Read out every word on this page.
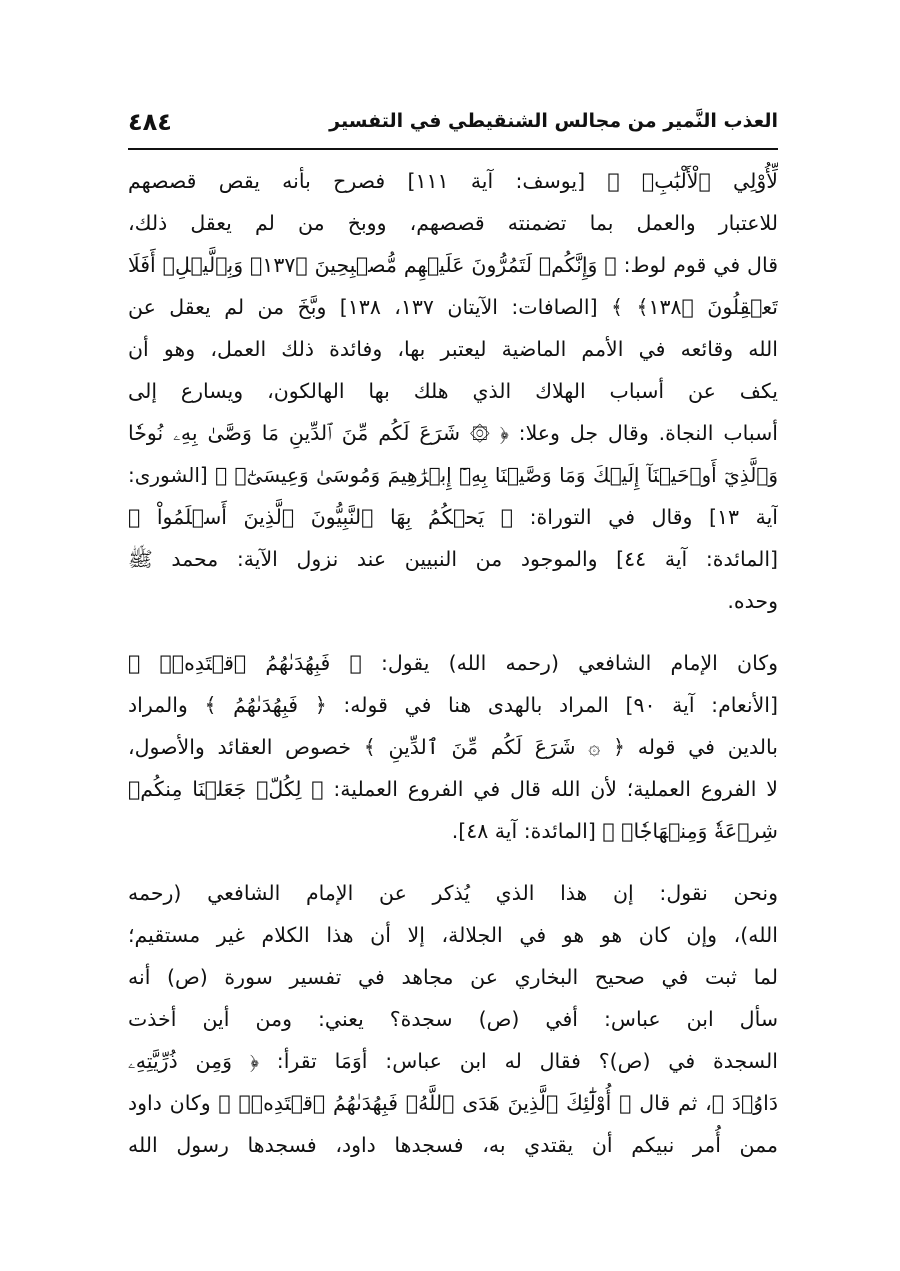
العذب النَّمير من مجالس الشنقيطي في التفسير
٤٨٤
لِّأُوْلِي ٱلْأَلْبَٰبِۗ ﴾ [يوسف: آية ١١١] فصرح بأنه يقص قصصهم
للاعتبار والعمل بما تضمنته قصصهم، ووبخ من لم يعقل ذلك،
قال في قوم لوط: ﴿ وَإِنَّكُمۡ لَتَمُرُّونَ عَلَيۡهِم مُّصۡبِحِينَ ﴿١٣٧﴾ وَبِٱلَّيۡلِۚ أَفَلَا
تَعۡقِلُونَ ﴿١٣٨﴾ ﴾ [الصافات: الآيتان ١٣٧، ١٣٨] وبَّخَ من لم يعقل عن
الله وقائعه في الأمم الماضية ليعتبر بها، وفائدة ذلك العمل، وهو أن
يكف عن أسباب الهلاك الذي هلك بها الهالكون، ويسارع إلى
أسباب النجاة. وقال جل وعلا: ﴿ ۞ شَرَعَ لَكُم مِّنَ ٱلدِّينِ مَا وَصَّىٰ بِهِۦ نُوحٗا
وَٱلَّذِيٓ أَوۡحَيۡنَآ إِلَيۡكَ وَمَا وَصَّيۡنَا بِهِۦٓ إِبۡرَٰهِيمَ وَمُوسَىٰ وَعِيسَىٰٓۖ ﴾ [الشورى:
آية ١٣] وقال في التوراة: ﴿ يَحۡكُمُ بِهَا ٱلنَّبِيُّونَ ٱلَّذِينَ أَسۡلَمُواْ ﴾
[المائدة: آية ٤٤] والموجود من النبيين عند نزول الآية: محمد ﷺ
وحده.
وكان الإمام الشافعي (رحمه الله) يقول: ﴿ فَبِهُدَىٰهُمُ ٱقۡتَدِهۡۗ ﴾
[الأنعام: آية ٩٠] المراد بالهدى هنا في قوله: ﴿ فَبِهُدَىٰهُمُ ﴾ والمراد
بالدين في قوله ﴿ ۞ شَرَعَ لَكُم مِّنَ ٱلدِّينِ ﴾ خصوص العقائد والأصول،
لا الفروع العملية؛ لأن الله قال في الفروع العملية: ﴿ لِكُلّٖ جَعَلۡنَا مِنكُمۡ
شِرۡعَةٗ وَمِنۡهَاجٗاۚ ﴾ [المائدة: آية ٤٨].
ونحن نقول: إن هذا الذي يُذكر عن الإمام الشافعي (رحمه
الله)، وإن كان هو هو في الجلالة، إلا أن هذا الكلام غير مستقيم؛
لما ثبت في صحيح البخاري عن مجاهد في تفسير سورة (ص) أنه
سأل ابن عباس: أفي (ص) سجدة؟ يعني: ومن أين أخذت
السجدة في (ص)؟ فقال له ابن عباس: أوَمَا تقرأ: ﴿ وَمِن ذُرِّيَّتِهِۦ
دَاوُۥدَ ﴾، ثم قال ﴿ أُوْلَٰٓئِكَ ٱلَّذِينَ هَدَى ٱللَّهُۖ فَبِهُدَىٰهُمُ ٱقۡتَدِهۡۗ ﴾ وكان داود
ممن أُمر نبيكم أن يقتدي به، فسجدها داود، فسجدها رسول الله
